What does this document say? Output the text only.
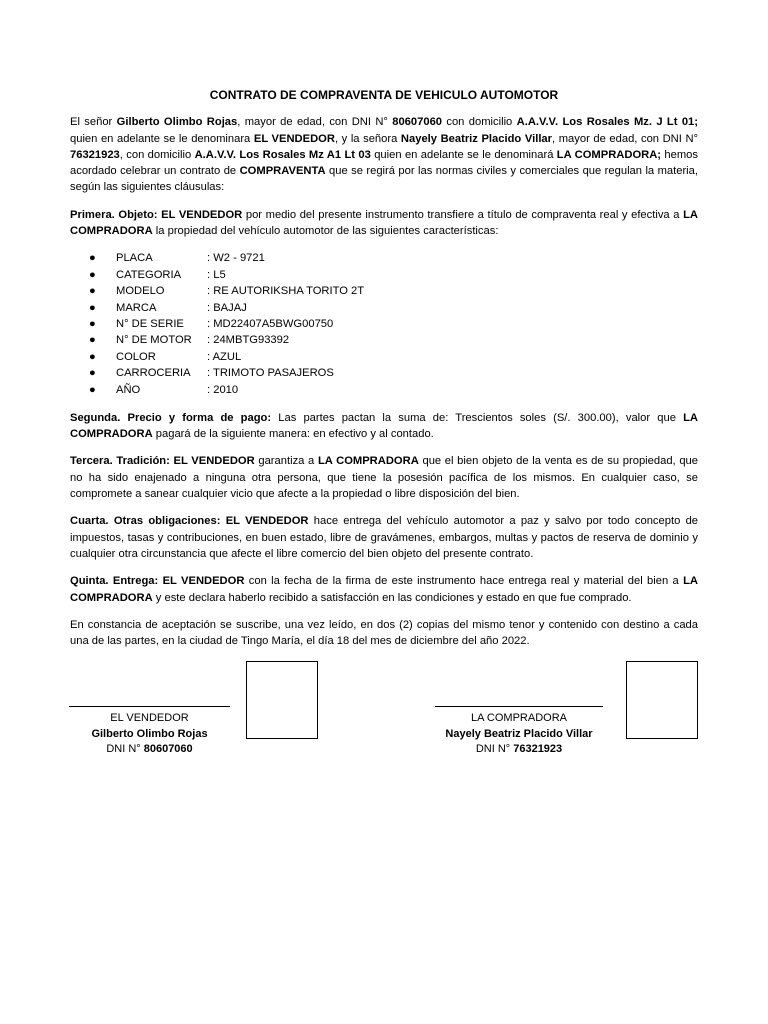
CONTRATO DE COMPRAVENTA DE VEHICULO AUTOMOTOR

El señor Gilberto Olimbo Rojas, mayor de edad, con DNI N° 80607060 con domicilio A.A.V.V. Los Rosales Mz. J Lt 01; quien en adelante se le denominara EL VENDEDOR, y la señora Nayely Beatriz Placido Villar, mayor de edad, con DNI N° 76321923, con domicilio A.A.V.V. Los Rosales Mz A1 Lt 03 quien en adelante se le denominará LA COMPRADORA; hemos acordado celebrar un contrato de COMPRAVENTA que se regirá por las normas civiles y comerciales que regulan la materia, según las siguientes cláusulas:

Primera. Objeto: EL VENDEDOR por medio del presente instrumento transfiere a título de compraventa real y efectiva a LA COMPRADORA la propiedad del vehículo automotor de las siguientes características:

● PLACA	: W2 - 9721
● CATEGORIA : L5
● MODELO	: RE AUTORIKSHA TORITO 2T
● MARCA	: BAJAJ
● N° DE SERIE : MD22407A5BWG00750
● N° DE MOTOR : 24MBTG93392
● COLOR	: AZUL
● CARROCERIA : TRIMOTO PASAJEROS
● AÑO	: 2010

Segunda. Precio y forma de pago: Las partes pactan la suma de: Trescientos soles (S/. 300.00), valor que LA COMPRADORA pagará de la siguiente manera: en efectivo y al contado.

Tercera. Tradición: EL VENDEDOR garantiza a LA COMPRADORA que el bien objeto de la venta es de su propiedad, que no ha sido enajenado a ninguna otra persona, que tiene la posesión pacífica de los mismos. En cualquier caso, se compromete a sanear cualquier vicio que afecte a la propiedad o libre disposición del bien.

Cuarta. Otras obligaciones: EL VENDEDOR hace entrega del vehículo automotor a paz y salvo por todo concepto de impuestos, tasas y contribuciones, en buen estado, libre de gravámenes, embargos, multas y pactos de reserva de dominio y cualquier otra circunstancia que afecte el libre comercio del bien objeto del presente contrato.

Quinta. Entrega: EL VENDEDOR con la fecha de la firma de este instrumento hace entrega real y material del bien a LA COMPRADORA y este declara haberlo recibido a satisfacción en las condiciones y estado en que fue comprado.

En constancia de aceptación se suscribe, una vez leído, en dos (2) copias del mismo tenor y contenido con destino a cada una de las partes, en la ciudad de Tingo María, el día 18 del mes de diciembre del año 2022.

EL VENDEDOR
Gilberto Olimbo Rojas
DNI N° 80607060
LA COMPRADORA
Nayely Beatriz Placido Villar
DNI N° 76321923
